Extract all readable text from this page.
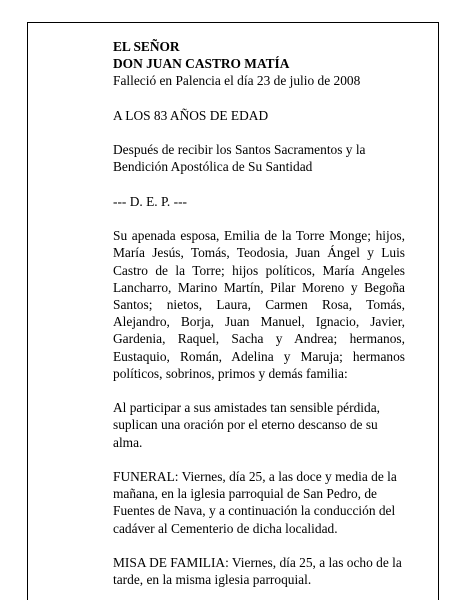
EL SEÑOR

DON JUAN CASTRO MATÍA

Falleció en Palencia el día 23 de julio de 2008

A LOS 83 AÑOS DE EDAD

Después de recibir los Santos Sacramentos y la Bendición Apostólica de Su Santidad

--- D. E. P. ---

Su apenada esposa, Emilia de la Torre Monge; hijos, María Jesús, Tomás, Teodosia, Juan Ángel y Luis Castro de la Torre; hijos políticos, María Angeles Lancharro, Marino Martín, Pilar Moreno y Begoña Santos; nietos, Laura, Carmen Rosa, Tomás, Alejandro, Borja, Juan Manuel, Ignacio, Javier, Gardenia, Raquel, Sacha y Andrea; hermanos, Eustaquio, Román, Adelina y Maruja; hermanos políticos, sobrinos, primos y demás familia:

Al participar a sus amistades tan sensible pérdida, suplican una oración por el eterno descanso de su alma.

FUNERAL: Viernes, día 25, a las doce y media de la mañana, en la iglesia parroquial de San Pedro, de Fuentes de Nava, y a continuación la conducción del cadáver al Cementerio de dicha localidad.

MISA DE FAMILIA: Viernes, día 25, a las ocho de la tarde, en la misma iglesia parroquial.
